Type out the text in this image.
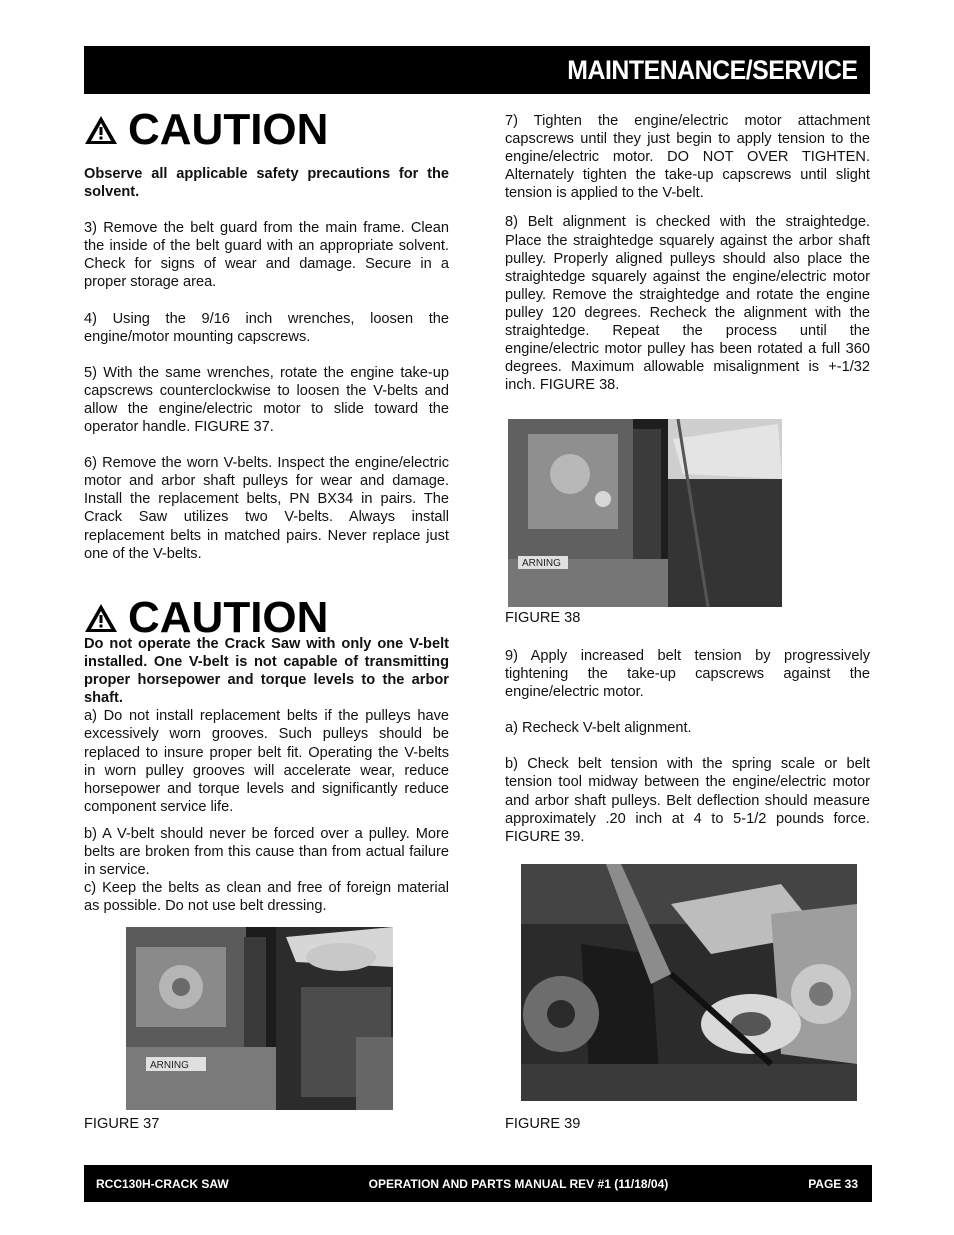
MAINTENANCE/SERVICE
CAUTION

Observe all applicable safety precautions for the solvent.

3) Remove the belt guard from the main frame. Clean the inside of the belt guard with an appropriate solvent. Check for signs of wear and damage. Secure in a proper storage area.

4) Using the 9/16 inch wrenches, loosen the engine/motor mounting capscrews.

5) With the same wrenches, rotate the engine take-up capscrews counterclockwise to loosen the V-belts and allow the engine/electric motor to slide toward the operator handle. FIGURE 37.

6) Remove the worn V-belts. Inspect the engine/electric motor and arbor shaft pulleys for wear and damage. Install the replacement belts, PN BX34 in pairs. The Crack Saw utilizes two V-belts. Always install replacement belts in matched pairs. Never replace just one of the V-belts.

CAUTION

Do not operate the Crack Saw with only one V-belt installed. One V-belt is not capable of transmitting proper horsepower and torque levels to the arbor shaft.

a) Do not install replacement belts if the pulleys have excessively worn grooves. Such pulleys should be replaced to insure proper belt fit. Operating the V-belts in worn pulley grooves will accelerate wear, reduce horsepower and torque levels and significantly reduce component service life.

b) A V-belt should never be forced over a pulley. More belts are broken from this cause than from actual failure in service.

c) Keep the belts as clean and free of foreign material as possible. Do not use belt dressing.

ARNING
FIGURE 37

7) Tighten the engine/electric motor attachment capscrews until they just begin to apply tension to the engine/electric motor. DO NOT OVER TIGHTEN. Alternately tighten the take-up capscrews until slight tension is applied to the V-belt.

8) Belt alignment is checked with the straightedge. Place the straightedge squarely against the arbor shaft pulley. Properly aligned pulleys should also place the straightedge squarely against the engine/electric motor pulley. Remove the straightedge and rotate the engine pulley 120 degrees. Recheck the alignment with the straightedge. Repeat the process until the engine/electric motor pulley has been rotated a full 360 degrees. Maximum allowable misalignment is +-1/32 inch. FIGURE 38.

ARNING
FIGURE 38

9) Apply increased belt tension by progressively tightening the take-up capscrews against the engine/electric motor.

a) Recheck V-belt alignment.

b) Check belt tension with the spring scale or belt tension tool midway between the engine/electric motor and arbor shaft pulleys. Belt deflection should measure approximately .20 inch at 4 to 5-1/2 pounds force. FIGURE 39.

FIGURE 39
RCC130H-CRACK SAW	OPERATION AND PARTS MANUAL REV #1 (11/18/04)	PAGE 33
